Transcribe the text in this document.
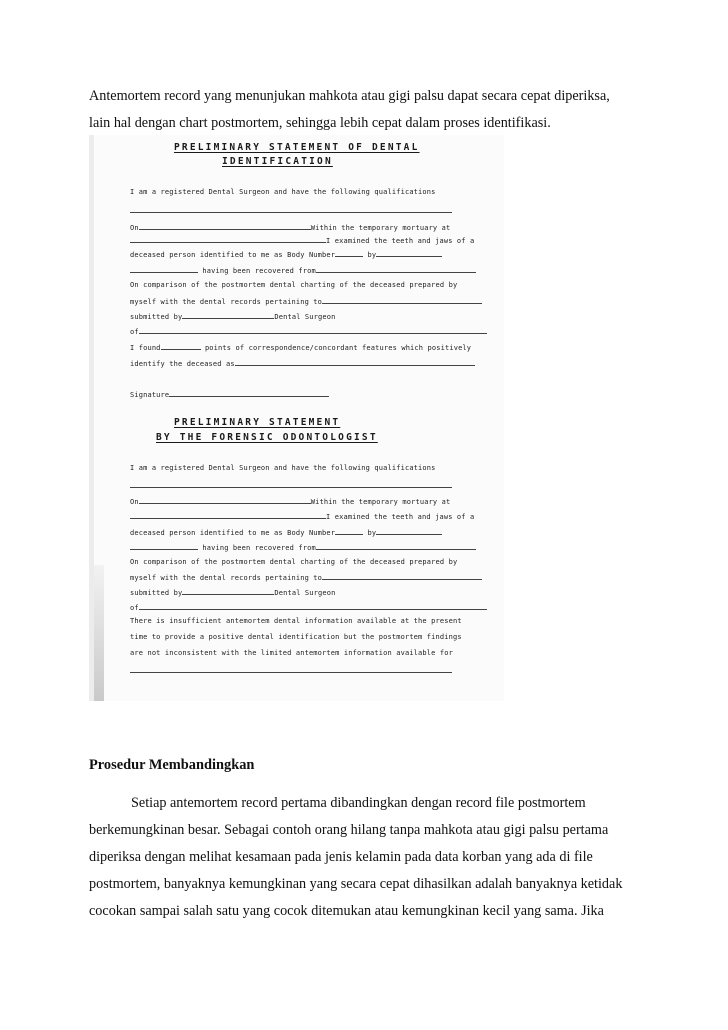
Antemortem record yang menunjukan mahkota atau gigi palsu dapat secara cepat diperiksa,
lain hal dengan chart postmortem, sehingga lebih cepat dalam proses identifikasi.

PRELIMINARY STATEMENT OF DENTAL
IDENTIFICATION
I am a registered Dental Surgeon and have the following qualifications
On	Within the temporary mortuary at
I examined the teeth and jaws of a
deceased person identified to me as Body Number	by
having been recovered from
On comparison of the postmortem dental charting of the deceased prepared by
myself with the dental records pertaining to
submitted by	Dental Surgeon
of
I found	points of correspondence/concordant features which positively
identify the deceased as
Signature
PRELIMINARY STATEMENT
BY THE FORENSIC ODONTOLOGIST
I am a registered Dental Surgeon and have the following qualifications
On	Within the temporary mortuary at
I examined the teeth and jaws of a
deceased person identified to me as Body Number	by
having been recovered from
On comparison of the postmortem dental charting of the deceased prepared by
myself with the dental records pertaining to
submitted by	Dental Surgeon
of
There is insufficient antemortem dental information available at the present
time to provide a positive dental identification but the postmortem findings
are not inconsistent with the limited antemortem information available for
Prosedur Membandingkan

Setiap antemortem record pertama dibandingkan dengan record file postmortem
berkemungkinan besar. Sebagai contoh orang hilang tanpa mahkota atau gigi palsu pertama
diperiksa dengan melihat kesamaan pada jenis kelamin pada data korban yang ada di file
postmortem, banyaknya kemungkinan yang secara cepat dihasilkan adalah banyaknya ketidak
cocokan sampai salah satu yang cocok ditemukan atau kemungkinan kecil yang sama. Jika
